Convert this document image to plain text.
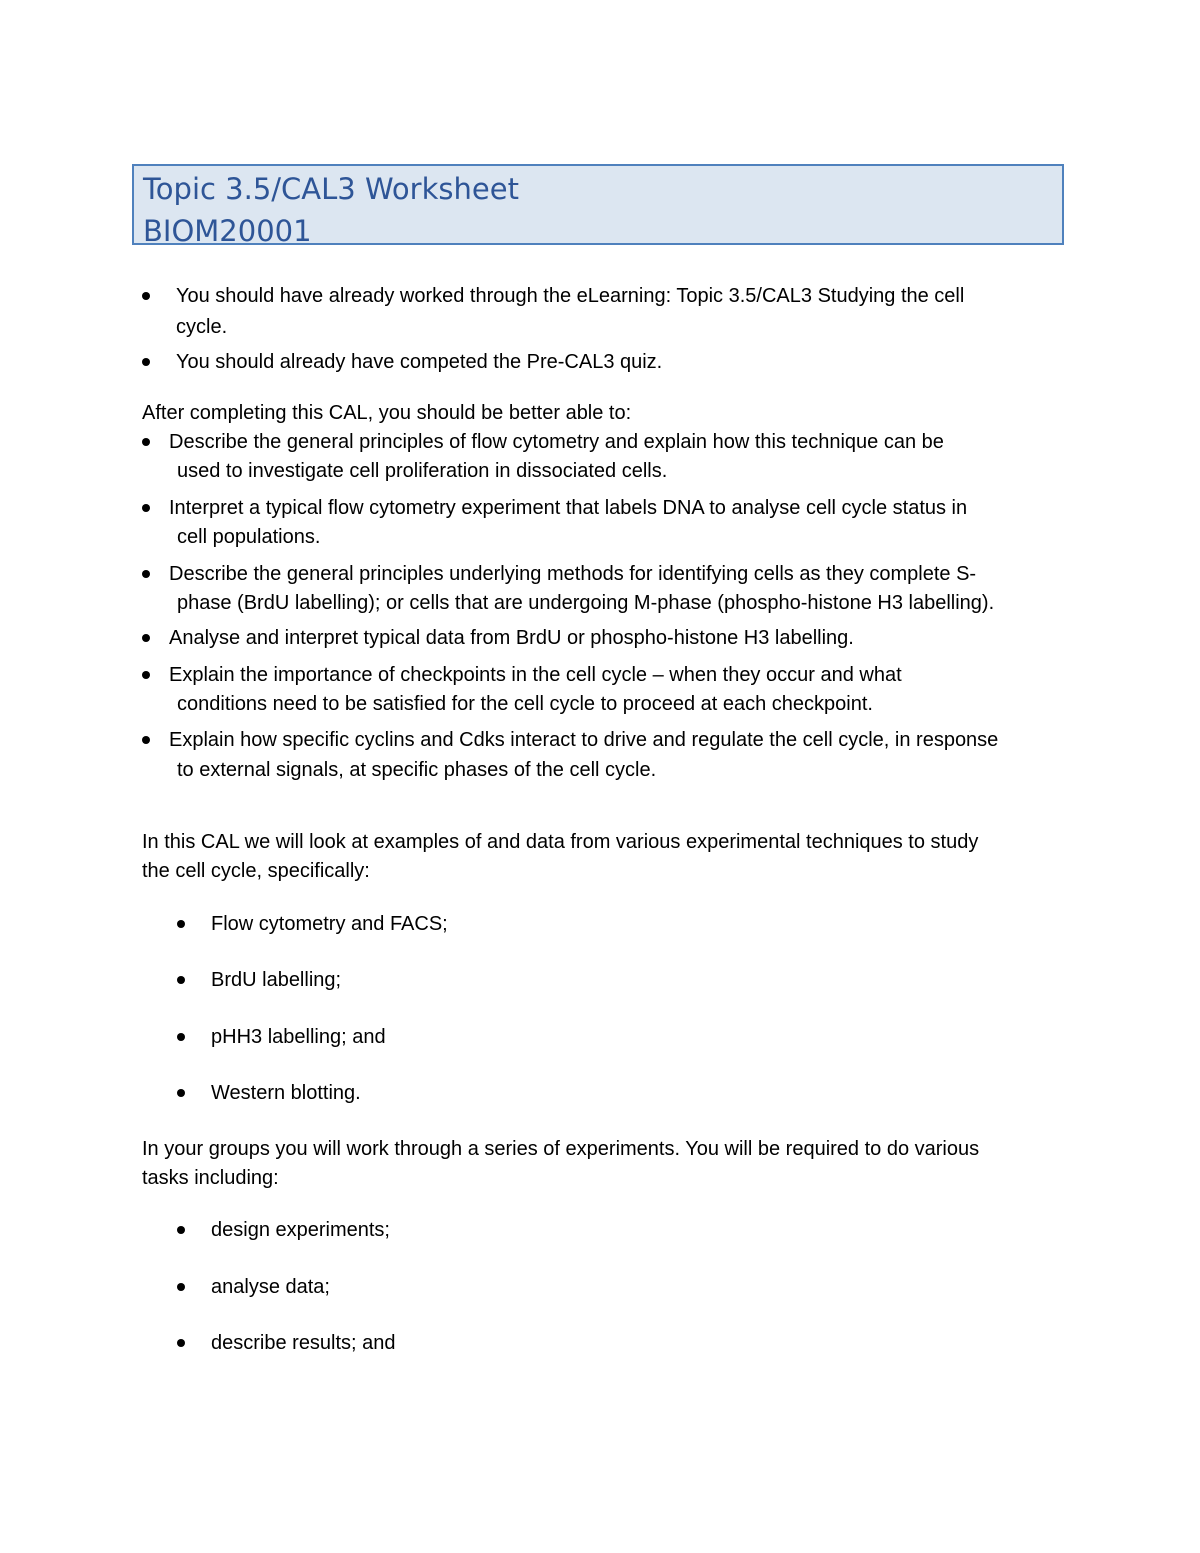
Topic 3.5/CAL3 Worksheet
BIOM20001
You should have already worked through the eLearning: Topic 3.5/CAL3 Studying the cell
cycle.
You should already have competed the Pre-CAL3 quiz.
After completing this CAL, you should be better able to:
Describe the general principles of flow cytometry and explain how this technique can be
used to investigate cell proliferation in dissociated cells.
Interpret a typical flow cytometry experiment that labels DNA to analyse cell cycle status in
cell populations.
Describe the general principles underlying methods for identifying cells as they complete S-
phase (BrdU labelling); or cells that are undergoing M-phase (phospho-histone H3 labelling).
Analyse and interpret typical data from BrdU or phospho-histone H3 labelling.
Explain the importance of checkpoints in the cell cycle – when they occur and what
conditions need to be satisfied for the cell cycle to proceed at each checkpoint.
Explain how specific cyclins and Cdks interact to drive and regulate the cell cycle, in response
to external signals, at specific phases of the cell cycle.
In this CAL we will look at examples of and data from various experimental techniques to study
the cell cycle, specifically:
Flow cytometry and FACS;
BrdU labelling;
pHH3 labelling; and
Western blotting.
In your groups you will work through a series of experiments. You will be required to do various
tasks including:
design experiments;
analyse data;
describe results; and
